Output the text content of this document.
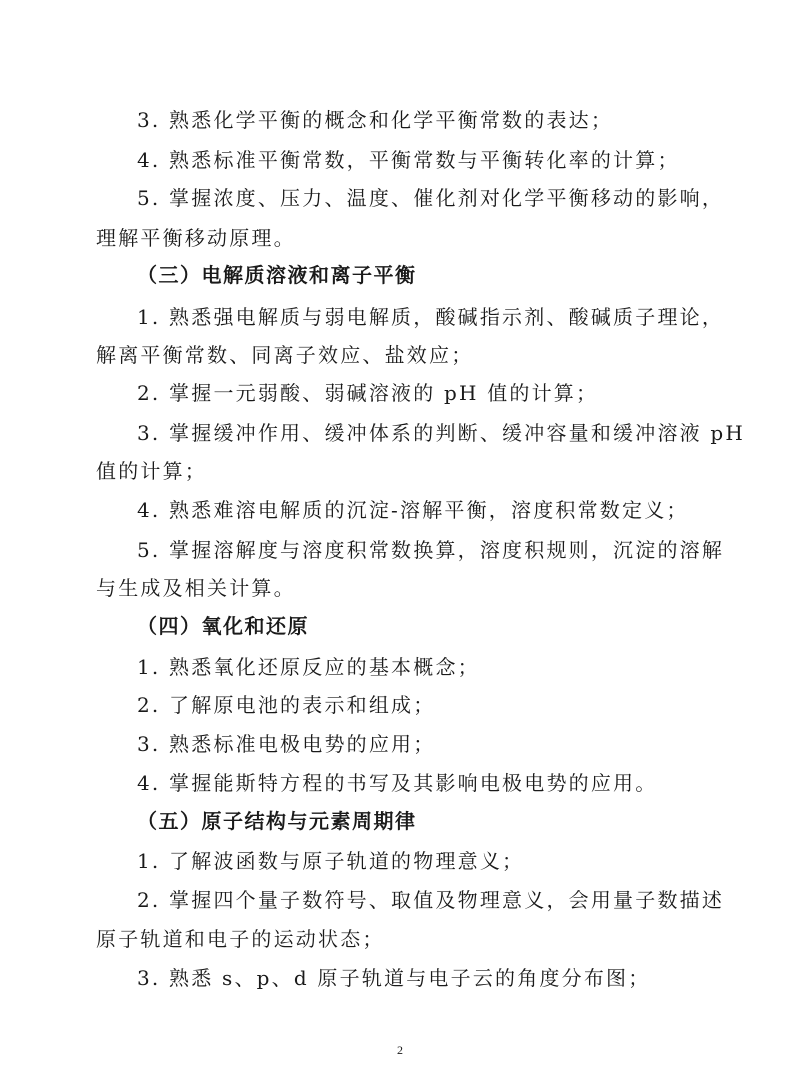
3. 熟悉化学平衡的概念和化学平衡常数的表达；
4. 熟悉标准平衡常数，平衡常数与平衡转化率的计算；
5. 掌握浓度、压力、温度、催化剂对化学平衡移动的影响，
理解平衡移动原理。
（三）电解质溶液和离子平衡
1. 熟悉强电解质与弱电解质，酸碱指示剂、酸碱质子理论，
解离平衡常数、同离子效应、盐效应；
2. 掌握一元弱酸、弱碱溶液的 pH 值的计算；
3. 掌握缓冲作用、缓冲体系的判断、缓冲容量和缓冲溶液 pH
值的计算；
4. 熟悉难溶电解质的沉淀-溶解平衡，溶度积常数定义；
5. 掌握溶解度与溶度积常数换算，溶度积规则，沉淀的溶解
与生成及相关计算。
（四）氧化和还原
1. 熟悉氧化还原反应的基本概念；
2. 了解原电池的表示和组成；
3. 熟悉标准电极电势的应用；
4. 掌握能斯特方程的书写及其影响电极电势的应用。
（五）原子结构与元素周期律
1. 了解波函数与原子轨道的物理意义；
2. 掌握四个量子数符号、取值及物理意义，会用量子数描述
原子轨道和电子的运动状态；
3. 熟悉 s、p、d 原子轨道与电子云的角度分布图；
2
